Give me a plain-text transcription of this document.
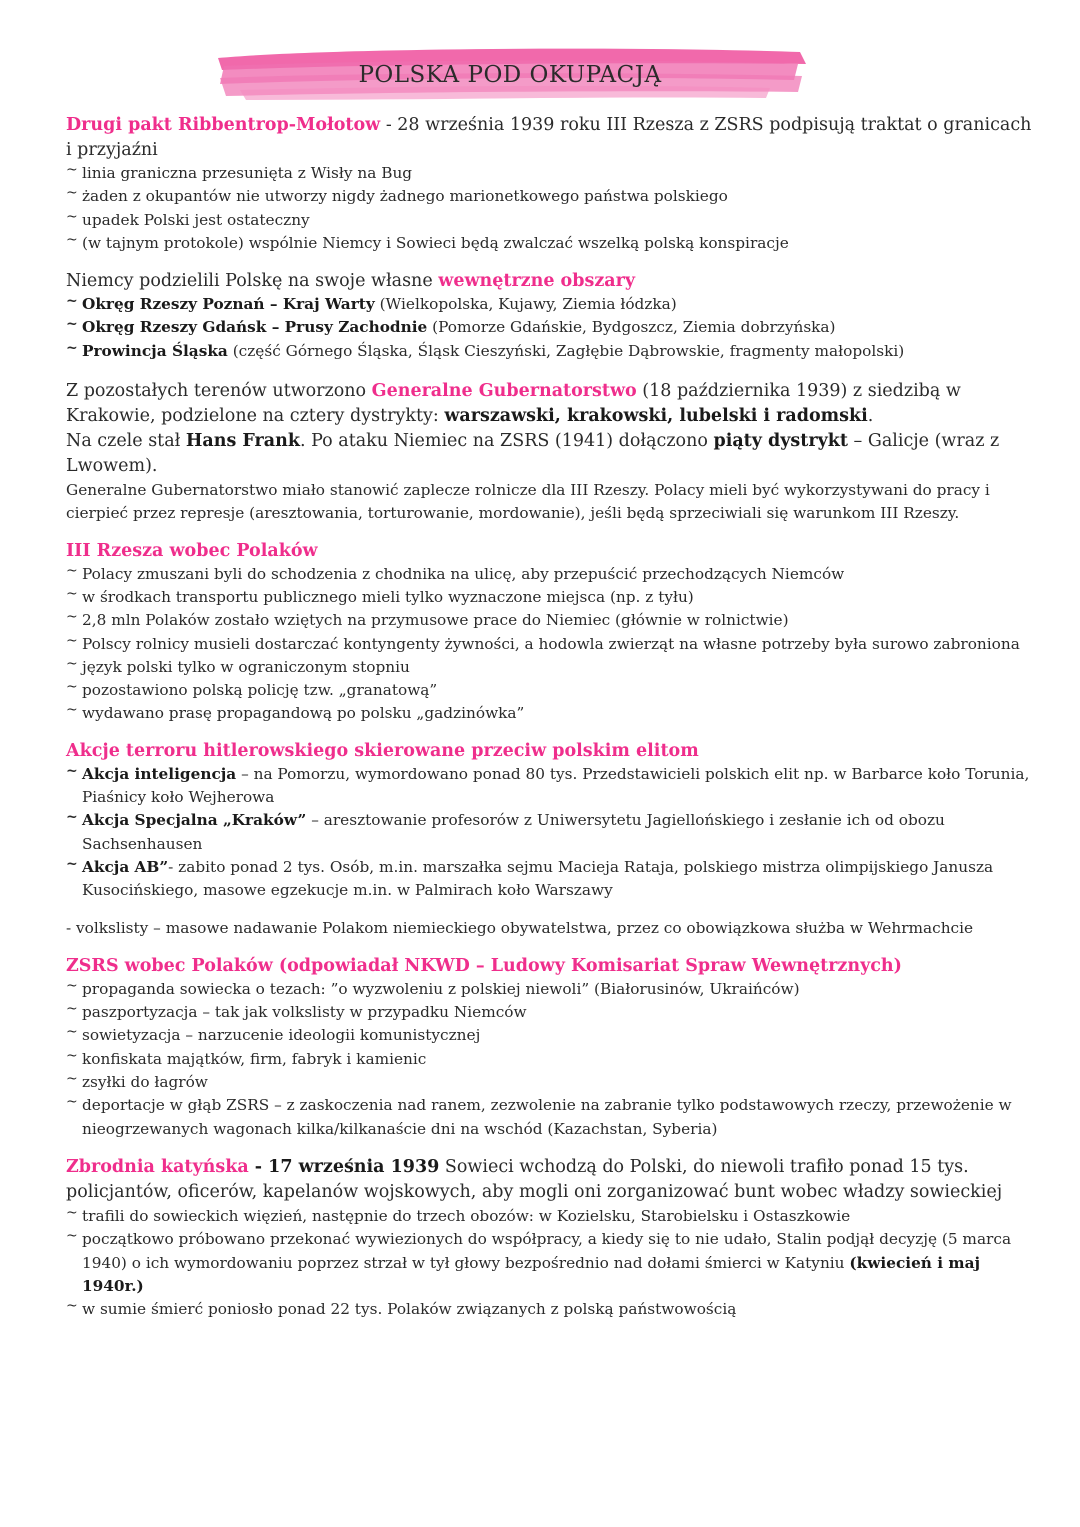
POLSKA POD OKUPACJĄ

Drugi pakt Ribbentrop-Mołotow - 28 września 1939 roku III Rzesza z ZSRS podpisują traktat o granicach i przyjaźni

~ linia graniczna przesunięta z Wisły na Bug

~ żaden z okupantów nie utworzy nigdy żadnego marionetkowego państwa polskiego

~ upadek Polski jest ostateczny

~ (w tajnym protokole) wspólnie Niemcy i Sowieci będą zwalczać wszelką polską konspiracje

Niemcy podzielili Polskę na swoje własne wewnętrzne obszary

~ Okręg Rzeszy Poznań – Kraj Warty (Wielkopolska, Kujawy, Ziemia łódzka)

~ Okręg Rzeszy Gdańsk – Prusy Zachodnie (Pomorze Gdańskie, Bydgoszcz, Ziemia dobrzyńska)

~ Prowincja Śląska (część Górnego Śląska, Śląsk Cieszyński, Zagłębie Dąbrowskie, fragmenty małopolski)

Z pozostałych terenów utworzono Generalne Gubernatorstwo (18 października 1939) z siedzibą w Krakowie, podzielone na cztery dystrykty: warszawski, krakowski, lubelski i radomski.

Na czele stał Hans Frank. Po ataku Niemiec na ZSRS (1941) dołączono piąty dystrykt – Galicje (wraz z Lwowem).

Generalne Gubernatorstwo miało stanowić zaplecze rolnicze dla III Rzeszy. Polacy mieli być wykorzystywani do pracy i cierpieć przez represje (aresztowania, torturowanie, mordowanie), jeśli będą sprzeciwiali się warunkom III Rzeszy.

III Rzesza wobec Polaków

~ Polacy zmuszani byli do schodzenia z chodnika na ulicę, aby przepuścić przechodzących Niemców

~ w środkach transportu publicznego mieli tylko wyznaczone miejsca (np. z tyłu)

~ 2,8 mln Polaków zostało wziętych na przymusowe prace do Niemiec (głównie w rolnictwie)

~ Polscy rolnicy musieli dostarczać kontyngenty żywności, a hodowla zwierząt na własne potrzeby była surowo zabroniona

~ język polski tylko w ograniczonym stopniu

~ pozostawiono polską policję tzw. „granatową”

~ wydawano prasę propagandową po polsku „gadzinówka”

Akcje terroru hitlerowskiego skierowane przeciw polskim elitom

~ Akcja inteligencja – na Pomorzu, wymordowano ponad 80 tys. Przedstawicieli polskich elit np. w Barbarce koło Torunia, Piaśnicy koło Wejherowa

~ Akcja Specjalna „Kraków” – aresztowanie profesorów z Uniwersytetu Jagiellońskiego i zesłanie ich od obozu Sachsenhausen

~ Akcja AB”- zabito ponad 2 tys. Osób, m.in. marszałka sejmu Macieja Rataja, polskiego mistrza olimpijskiego Janusza Kusocińskiego, masowe egzekucje m.in. w Palmirach koło Warszawy

- volkslisty – masowe nadawanie Polakom niemieckiego obywatelstwa, przez co obowiązkowa służba w Wehrmachcie

ZSRS wobec Polaków (odpowiadał NKWD – Ludowy Komisariat Spraw Wewnętrznych)

~ propaganda sowiecka o tezach: ”o wyzwoleniu z polskiej niewoli” (Białorusinów, Ukraińców)

~ paszportyzacja – tak jak volkslisty w przypadku Niemców

~ sowietyzacja – narzucenie ideologii komunistycznej

~ konfiskata majątków, firm, fabryk i kamienic

~ zsyłki do łagrów

~ deportacje w głąb ZSRS – z zaskoczenia nad ranem, zezwolenie na zabranie tylko podstawowych rzeczy, przewożenie w nieogrzewanych wagonach kilka/kilkanaście dni na wschód (Kazachstan, Syberia)

Zbrodnia katyńska - 17 września 1939 Sowieci wchodzą do Polski, do niewoli trafiło ponad 15 tys. policjantów, oficerów, kapelanów wojskowych, aby mogli oni zorganizować bunt wobec władzy sowieckiej

~ trafili do sowieckich więzień, następnie do trzech obozów: w Kozielsku, Starobielsku i Ostaszkowie

~ początkowo próbowano przekonać wywiezionych do współpracy, a kiedy się to nie udało, Stalin podjął decyzję (5 marca 1940) o ich wymordowaniu poprzez strzał w tył głowy bezpośrednio nad dołami śmierci w Katyniu (kwiecień i maj 1940r.)

~ w sumie śmierć poniosło ponad 22 tys. Polaków związanych z polską państwowością
